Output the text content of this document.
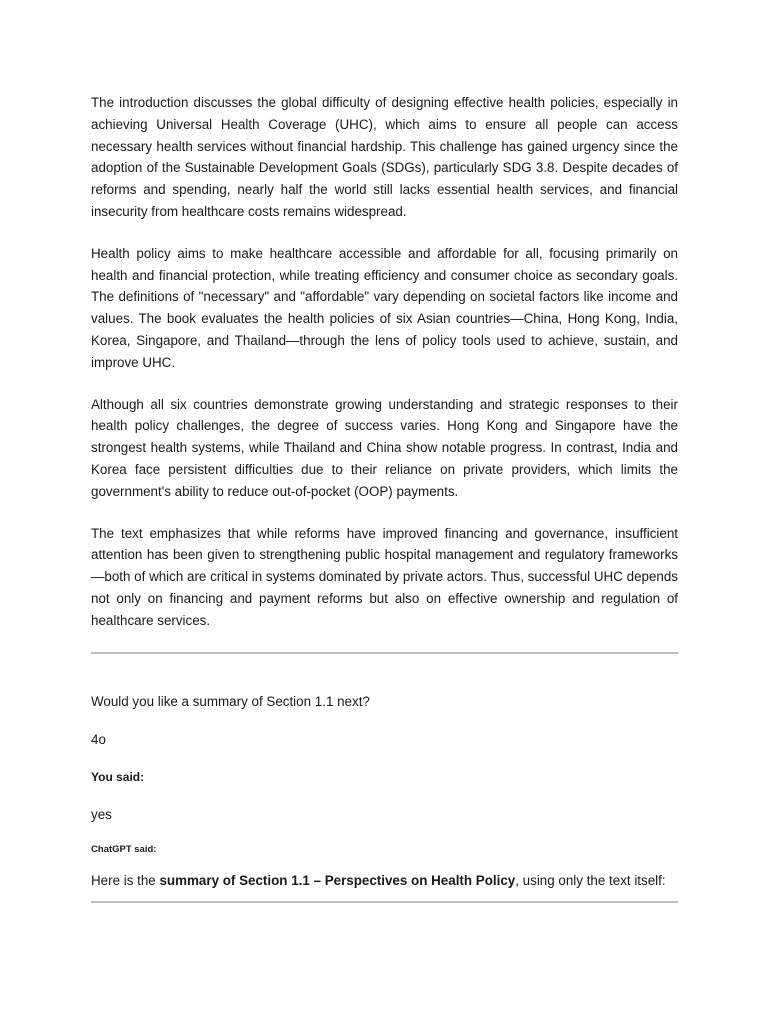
The introduction discusses the global difficulty of designing effective health policies, especially in achieving Universal Health Coverage (UHC), which aims to ensure all people can access necessary health services without financial hardship. This challenge has gained urgency since the adoption of the Sustainable Development Goals (SDGs), particularly SDG 3.8. Despite decades of reforms and spending, nearly half the world still lacks essential health services, and financial insecurity from healthcare costs remains widespread.

Health policy aims to make healthcare accessible and affordable for all, focusing primarily on health and financial protection, while treating efficiency and consumer choice as secondary goals. The definitions of "necessary" and "affordable" vary depending on societal factors like income and values. The book evaluates the health policies of six Asian countries—China, Hong Kong, India, Korea, Singapore, and Thailand—through the lens of policy tools used to achieve, sustain, and improve UHC.

Although all six countries demonstrate growing understanding and strategic responses to their health policy challenges, the degree of success varies. Hong Kong and Singapore have the strongest health systems, while Thailand and China show notable progress. In contrast, India and Korea face persistent difficulties due to their reliance on private providers, which limits the government's ability to reduce out-of-pocket (OOP) payments.

The text emphasizes that while reforms have improved financing and governance, insufficient attention has been given to strengthening public hospital management and regulatory frameworks—both of which are critical in systems dominated by private actors. Thus, successful UHC depends not only on financing and payment reforms but also on effective ownership and regulation of healthcare services.

Would you like a summary of Section 1.1 next?

4o

You said:

yes

ChatGPT said:

Here is the summary of Section 1.1 – Perspectives on Health Policy, using only the text itself:
